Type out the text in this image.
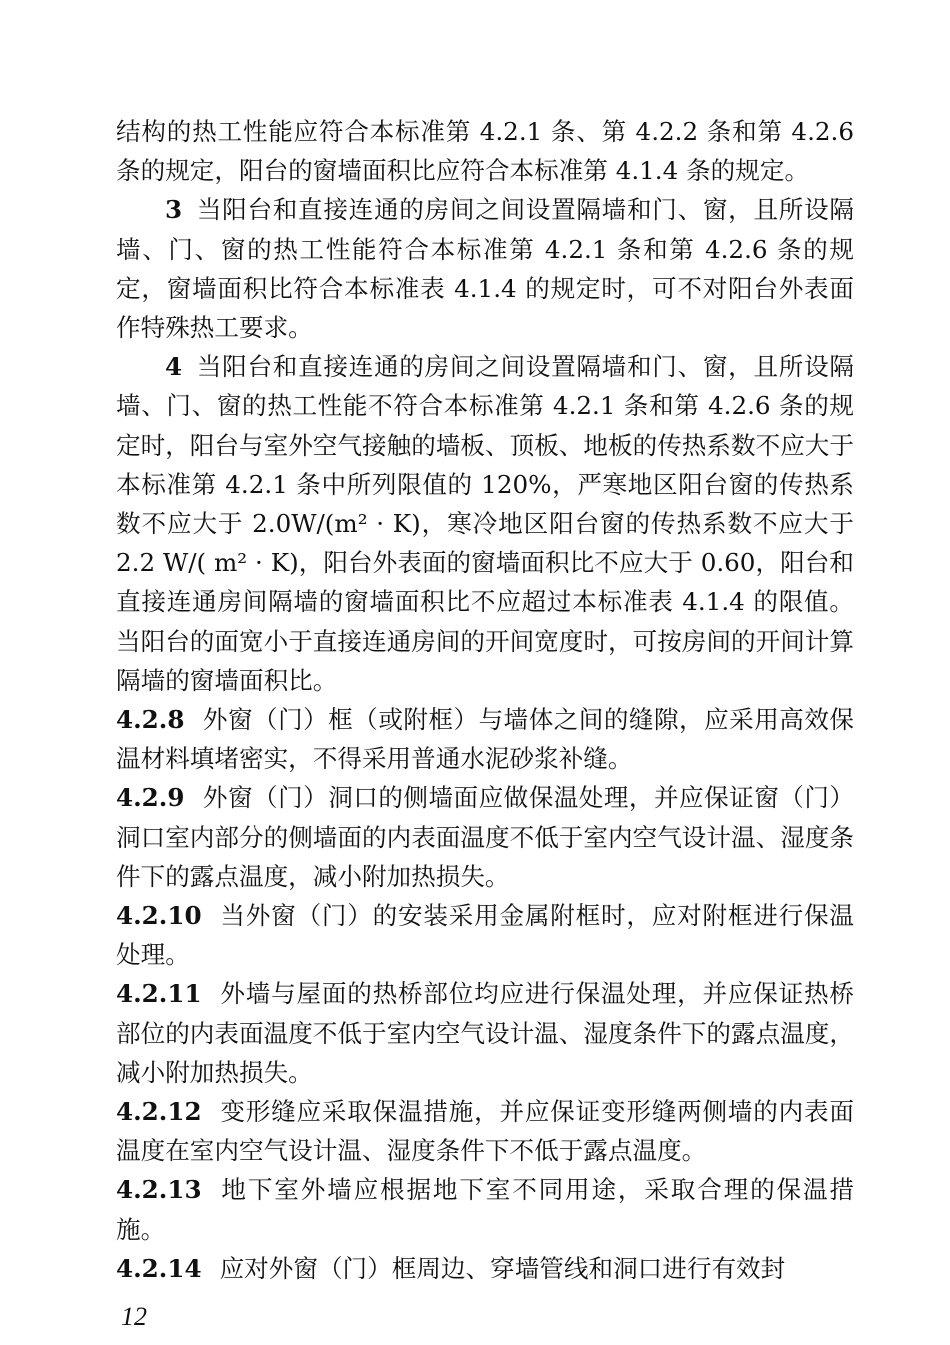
结构的热工性能应符合本标准第 4.2.1 条、第 4.2.2 条和第 4.2.6 条的规定，阳台的窗墙面积比应符合本标准第 4.1.4 条的规定。

3 当阳台和直接连通的房间之间设置隔墙和门、窗，且所设隔墙、门、窗的热工性能符合本标准第 4.2.1 条和第 4.2.6 条的规定，窗墙面积比符合本标准表 4.1.4 的规定时，可不对阳台外表面作特殊热工要求。

4 当阳台和直接连通的房间之间设置隔墙和门、窗，且所设隔墙、门、窗的热工性能不符合本标准第 4.2.1 条和第 4.2.6 条的规定时，阳台与室外空气接触的墙板、顶板、地板的传热系数不应大于本标准第 4.2.1 条中所列限值的 120%，严寒地区阳台窗的传热系数不应大于 2.0W/(m² · K)，寒冷地区阳台窗的传热系数不应大于 2.2 W/( m² · K)，阳台外表面的窗墙面积比不应大于 0.60，阳台和直接连通房间隔墙的窗墙面积比不应超过本标准表 4.1.4 的限值。当阳台的面宽小于直接连通房间的开间宽度时，可按房间的开间计算隔墙的窗墙面积比。

4.2.8 外窗（门）框（或附框）与墙体之间的缝隙，应采用高效保温材料填堵密实，不得采用普通水泥砂浆补缝。

4.2.9 外窗（门）洞口的侧墙面应做保温处理，并应保证窗（门）洞口室内部分的侧墙面的内表面温度不低于室内空气设计温、湿度条件下的露点温度，减小附加热损失。

4.2.10 当外窗（门）的安装采用金属附框时，应对附框进行保温处理。

4.2.11 外墙与屋面的热桥部位均应进行保温处理，并应保证热桥部位的内表面温度不低于室内空气设计温、湿度条件下的露点温度，减小附加热损失。

4.2.12 变形缝应采取保温措施，并应保证变形缝两侧墙的内表面温度在室内空气设计温、湿度条件下不低于露点温度。

4.2.13 地下室外墙应根据地下室不同用途，采取合理的保温措施。

4.2.14 应对外窗（门）框周边、穿墙管线和洞口进行有效封

12
